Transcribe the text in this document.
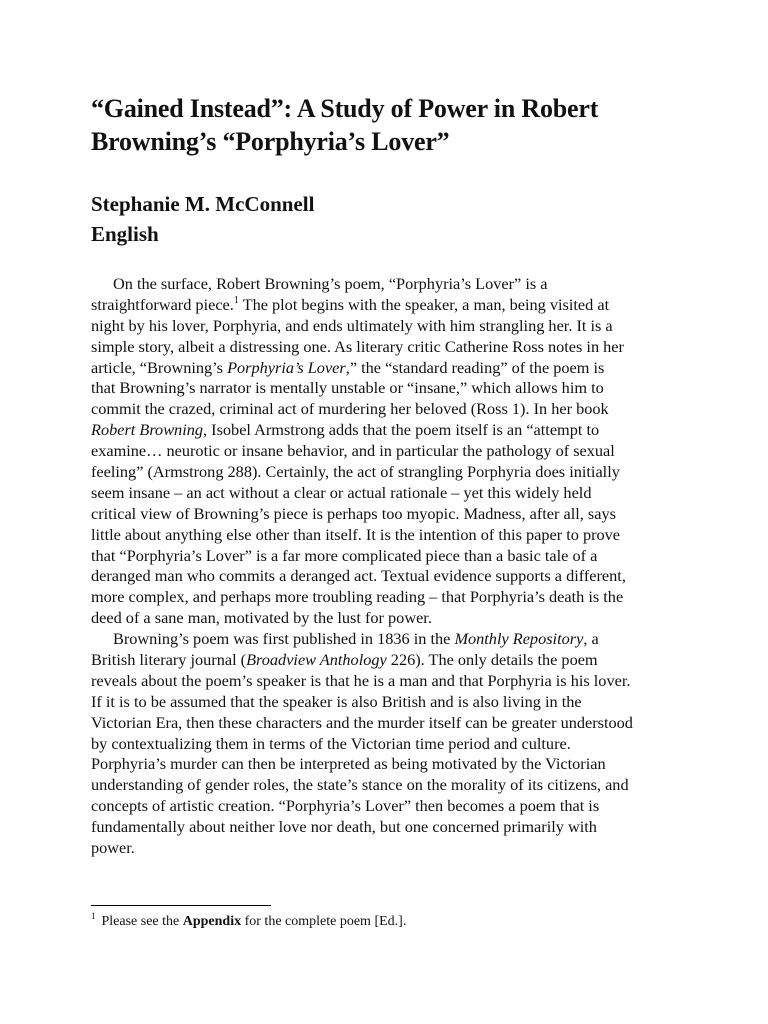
“Gained Instead”: A Study of Power in Robert
Browning’s “Porphyria’s Lover”
Stephanie M. McConnell
English
On the surface, Robert Browning’s poem, “Porphyria’s Lover” is a
straightforward piece.$^1$ The plot begins with the speaker, a man, being visited at
night by his lover, Porphyria, and ends ultimately with him strangling her. It is a
simple story, albeit a distressing one. As literary critic Catherine Ross notes in her
article, “Browning’s Porphyria’s Lover,” the “standard reading” of the poem is
that Browning’s narrator is mentally unstable or “insane,” which allows him to
commit the crazed, criminal act of murdering her beloved (Ross 1). In her book
Robert Browning, Isobel Armstrong adds that the poem itself is an “attempt to
examine… neurotic or insane behavior, and in particular the pathology of sexual
feeling” (Armstrong 288). Certainly, the act of strangling Porphyria does initially
seem insane – an act without a clear or actual rationale – yet this widely held
critical view of Browning’s piece is perhaps too myopic. Madness, after all, says
little about anything else other than itself. It is the intention of this paper to prove
that “Porphyria’s Lover” is a far more complicated piece than a basic tale of a
deranged man who commits a deranged act. Textual evidence supports a different,
more complex, and perhaps more troubling reading – that Porphyria’s death is the
deed of a sane man, motivated by the lust for power.
Browning’s poem was first published in 1836 in the Monthly Repository, a
British literary journal (Broadview Anthology 226). The only details the poem
reveals about the poem’s speaker is that he is a man and that Porphyria is his lover.
If it is to be assumed that the speaker is also British and is also living in the
Victorian Era, then these characters and the murder itself can be greater understood
by contextualizing them in terms of the Victorian time period and culture.
Porphyria’s murder can then be interpreted as being motivated by the Victorian
understanding of gender roles, the state’s stance on the morality of its citizens, and
concepts of artistic creation. “Porphyria’s Lover” then becomes a poem that is
fundamentally about neither love nor death, but one concerned primarily with
power.
$^1$ Please see the Appendix for the complete poem [Ed.].
